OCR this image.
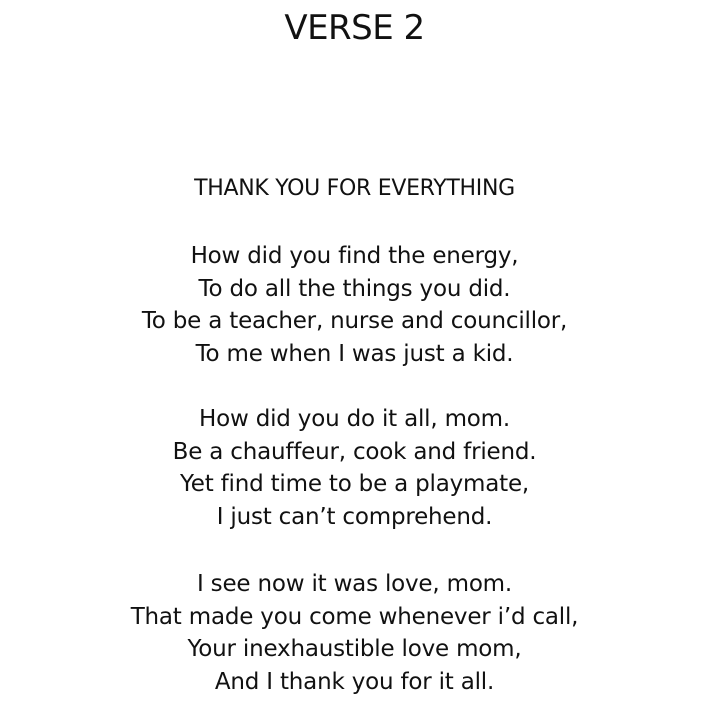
VERSE 2
THANK YOU FOR EVERYTHING
How did you find the energy,
To do all the things you did.
To be a teacher, nurse and councillor,
To me when I was just a kid.
How did you do it all, mom.
Be a chauffeur, cook and friend.
Yet find time to be a playmate,
I just can’t comprehend.
I see now it was love, mom.
That made you come whenever i’d call,
Your inexhaustible love mom,
And I thank you for it all.
